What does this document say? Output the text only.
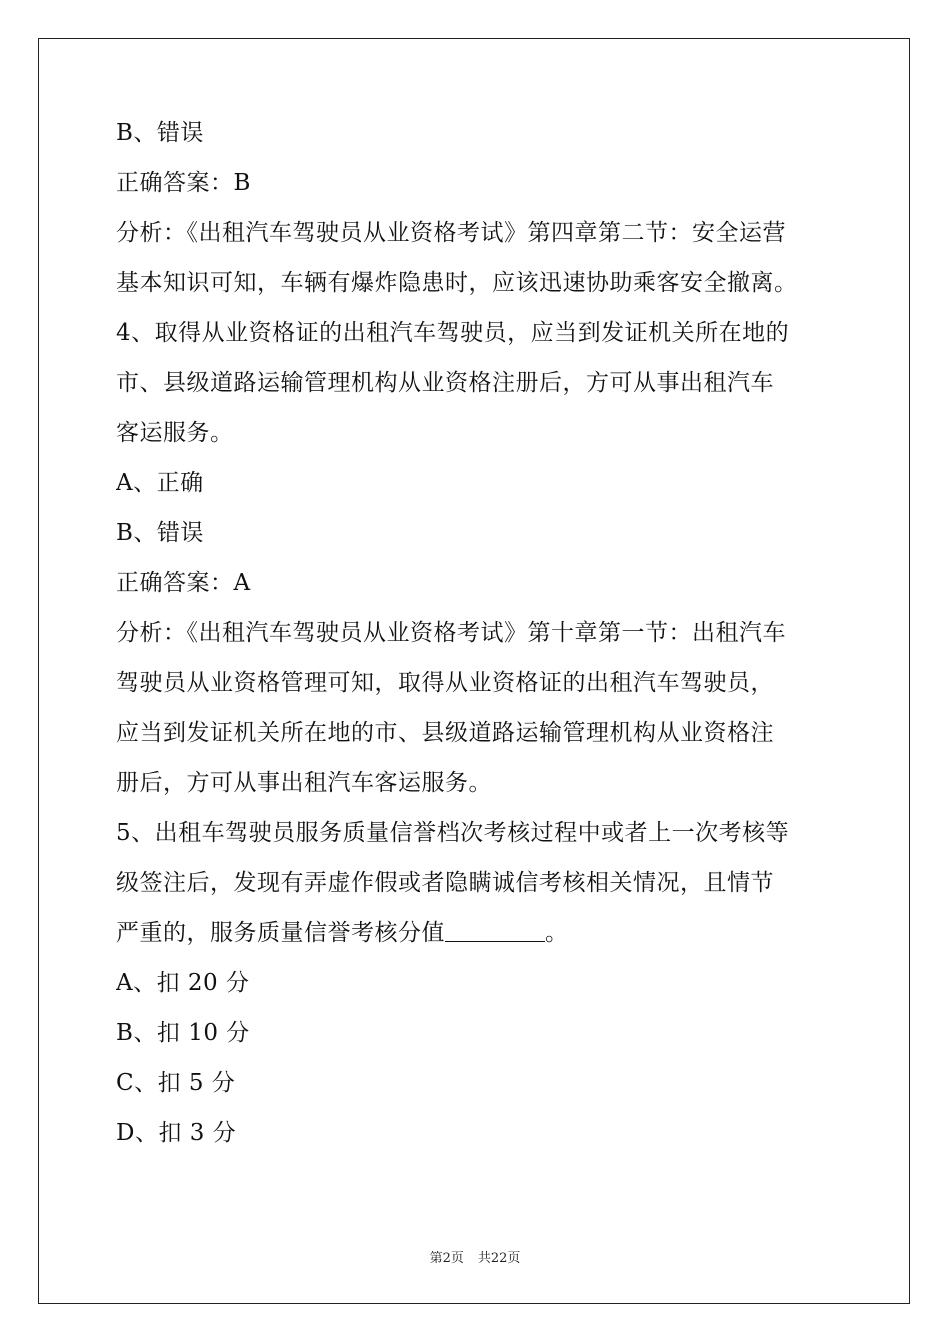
B、错误
正确答案：B
分析：《出租汽车驾驶员从业资格考试》第四章第二节：安全运营
基本知识可知，车辆有爆炸隐患时，应该迅速协助乘客安全撤离。
4、取得从业资格证的出租汽车驾驶员，应当到发证机关所在地的
市、县级道路运输管理机构从业资格注册后，方可从事出租汽车
客运服务。
A、正确
B、错误
正确答案：A
分析：《出租汽车驾驶员从业资格考试》第十章第一节：出租汽车
驾驶员从业资格管理可知，取得从业资格证的出租汽车驾驶员，
应当到发证机关所在地的市、县级道路运输管理机构从业资格注
册后，方可从事出租汽车客运服务。
5、出租车驾驶员服务质量信誉档次考核过程中或者上一次考核等
级签注后，发现有弄虚作假或者隐瞒诚信考核相关情况，且情节
严重的，服务质量信誉考核分值	。
A、扣 20 分
B、扣 10 分
C、扣 5 分
D、扣 3 分
第2页 共22页
